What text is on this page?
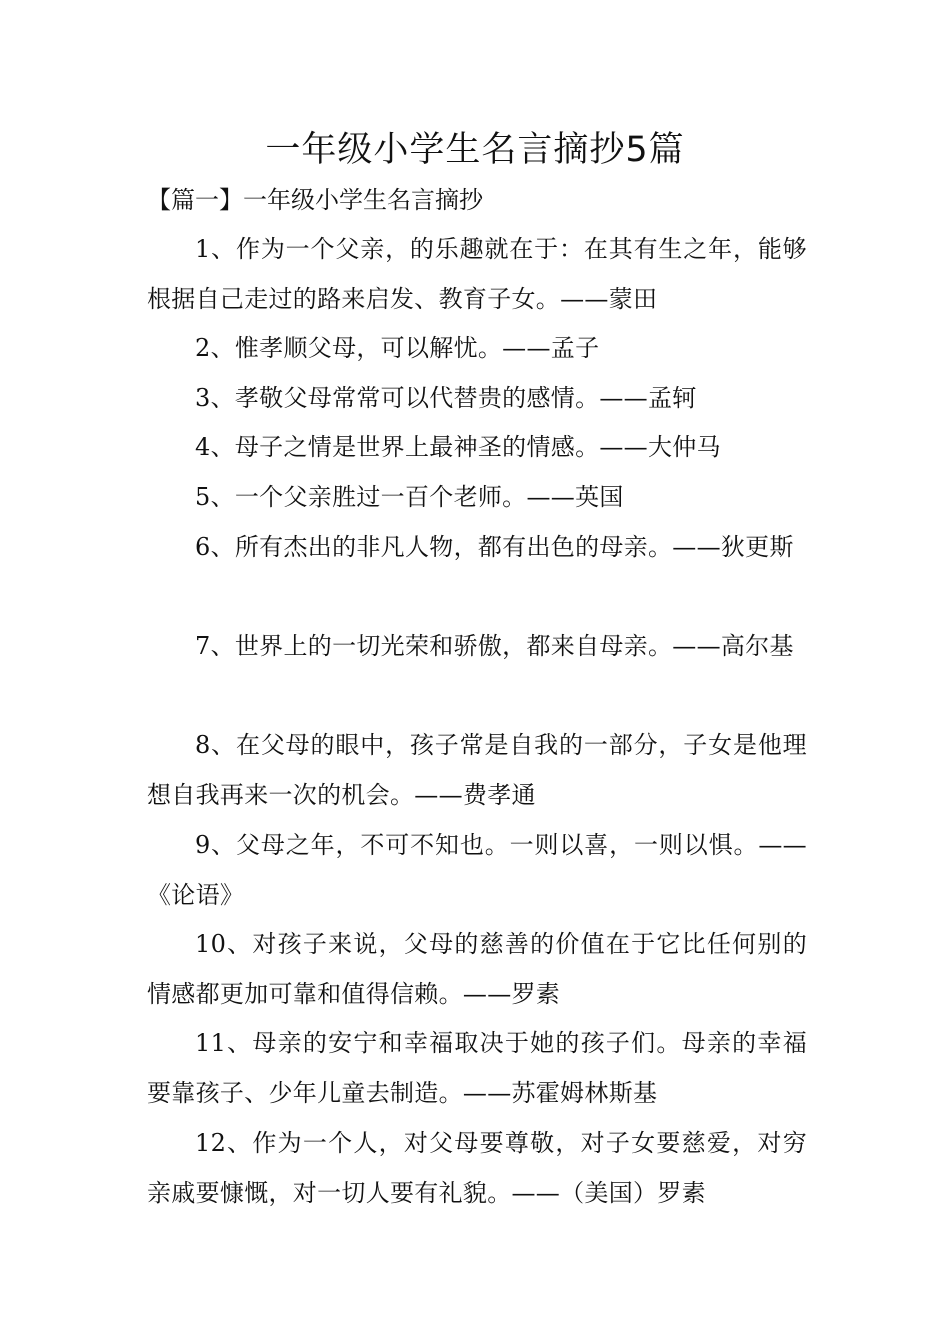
一年级小学生名言摘抄5篇

【篇一】一年级小学生名言摘抄

1、作为一个父亲，的乐趣就在于：在其有生之年，能够根据自己走过的路来启发、教育子女。——蒙田

2、惟孝顺父母，可以解忧。——孟子

3、孝敬父母常常可以代替贵的感情。——孟轲

4、母子之情是世界上最神圣的情感。——大仲马

5、一个父亲胜过一百个老师。——英国

6、所有杰出的非凡人物，都有出色的母亲。——狄更斯

7、世界上的一切光荣和骄傲，都来自母亲。——高尔基

8、在父母的眼中，孩子常是自我的一部分，子女是他理想自我再来一次的机会。——费孝通

9、父母之年，不可不知也。一则以喜，一则以惧。——《论语》

10、对孩子来说，父母的慈善的价值在于它比任何别的情感都更加可靠和值得信赖。——罗素

11、母亲的安宁和幸福取决于她的孩子们。母亲的幸福要靠孩子、少年儿童去制造。——苏霍姆林斯基

12、作为一个人，对父母要尊敬，对子女要慈爱，对穷亲戚要慷慨，对一切人要有礼貌。——（美国）罗素
